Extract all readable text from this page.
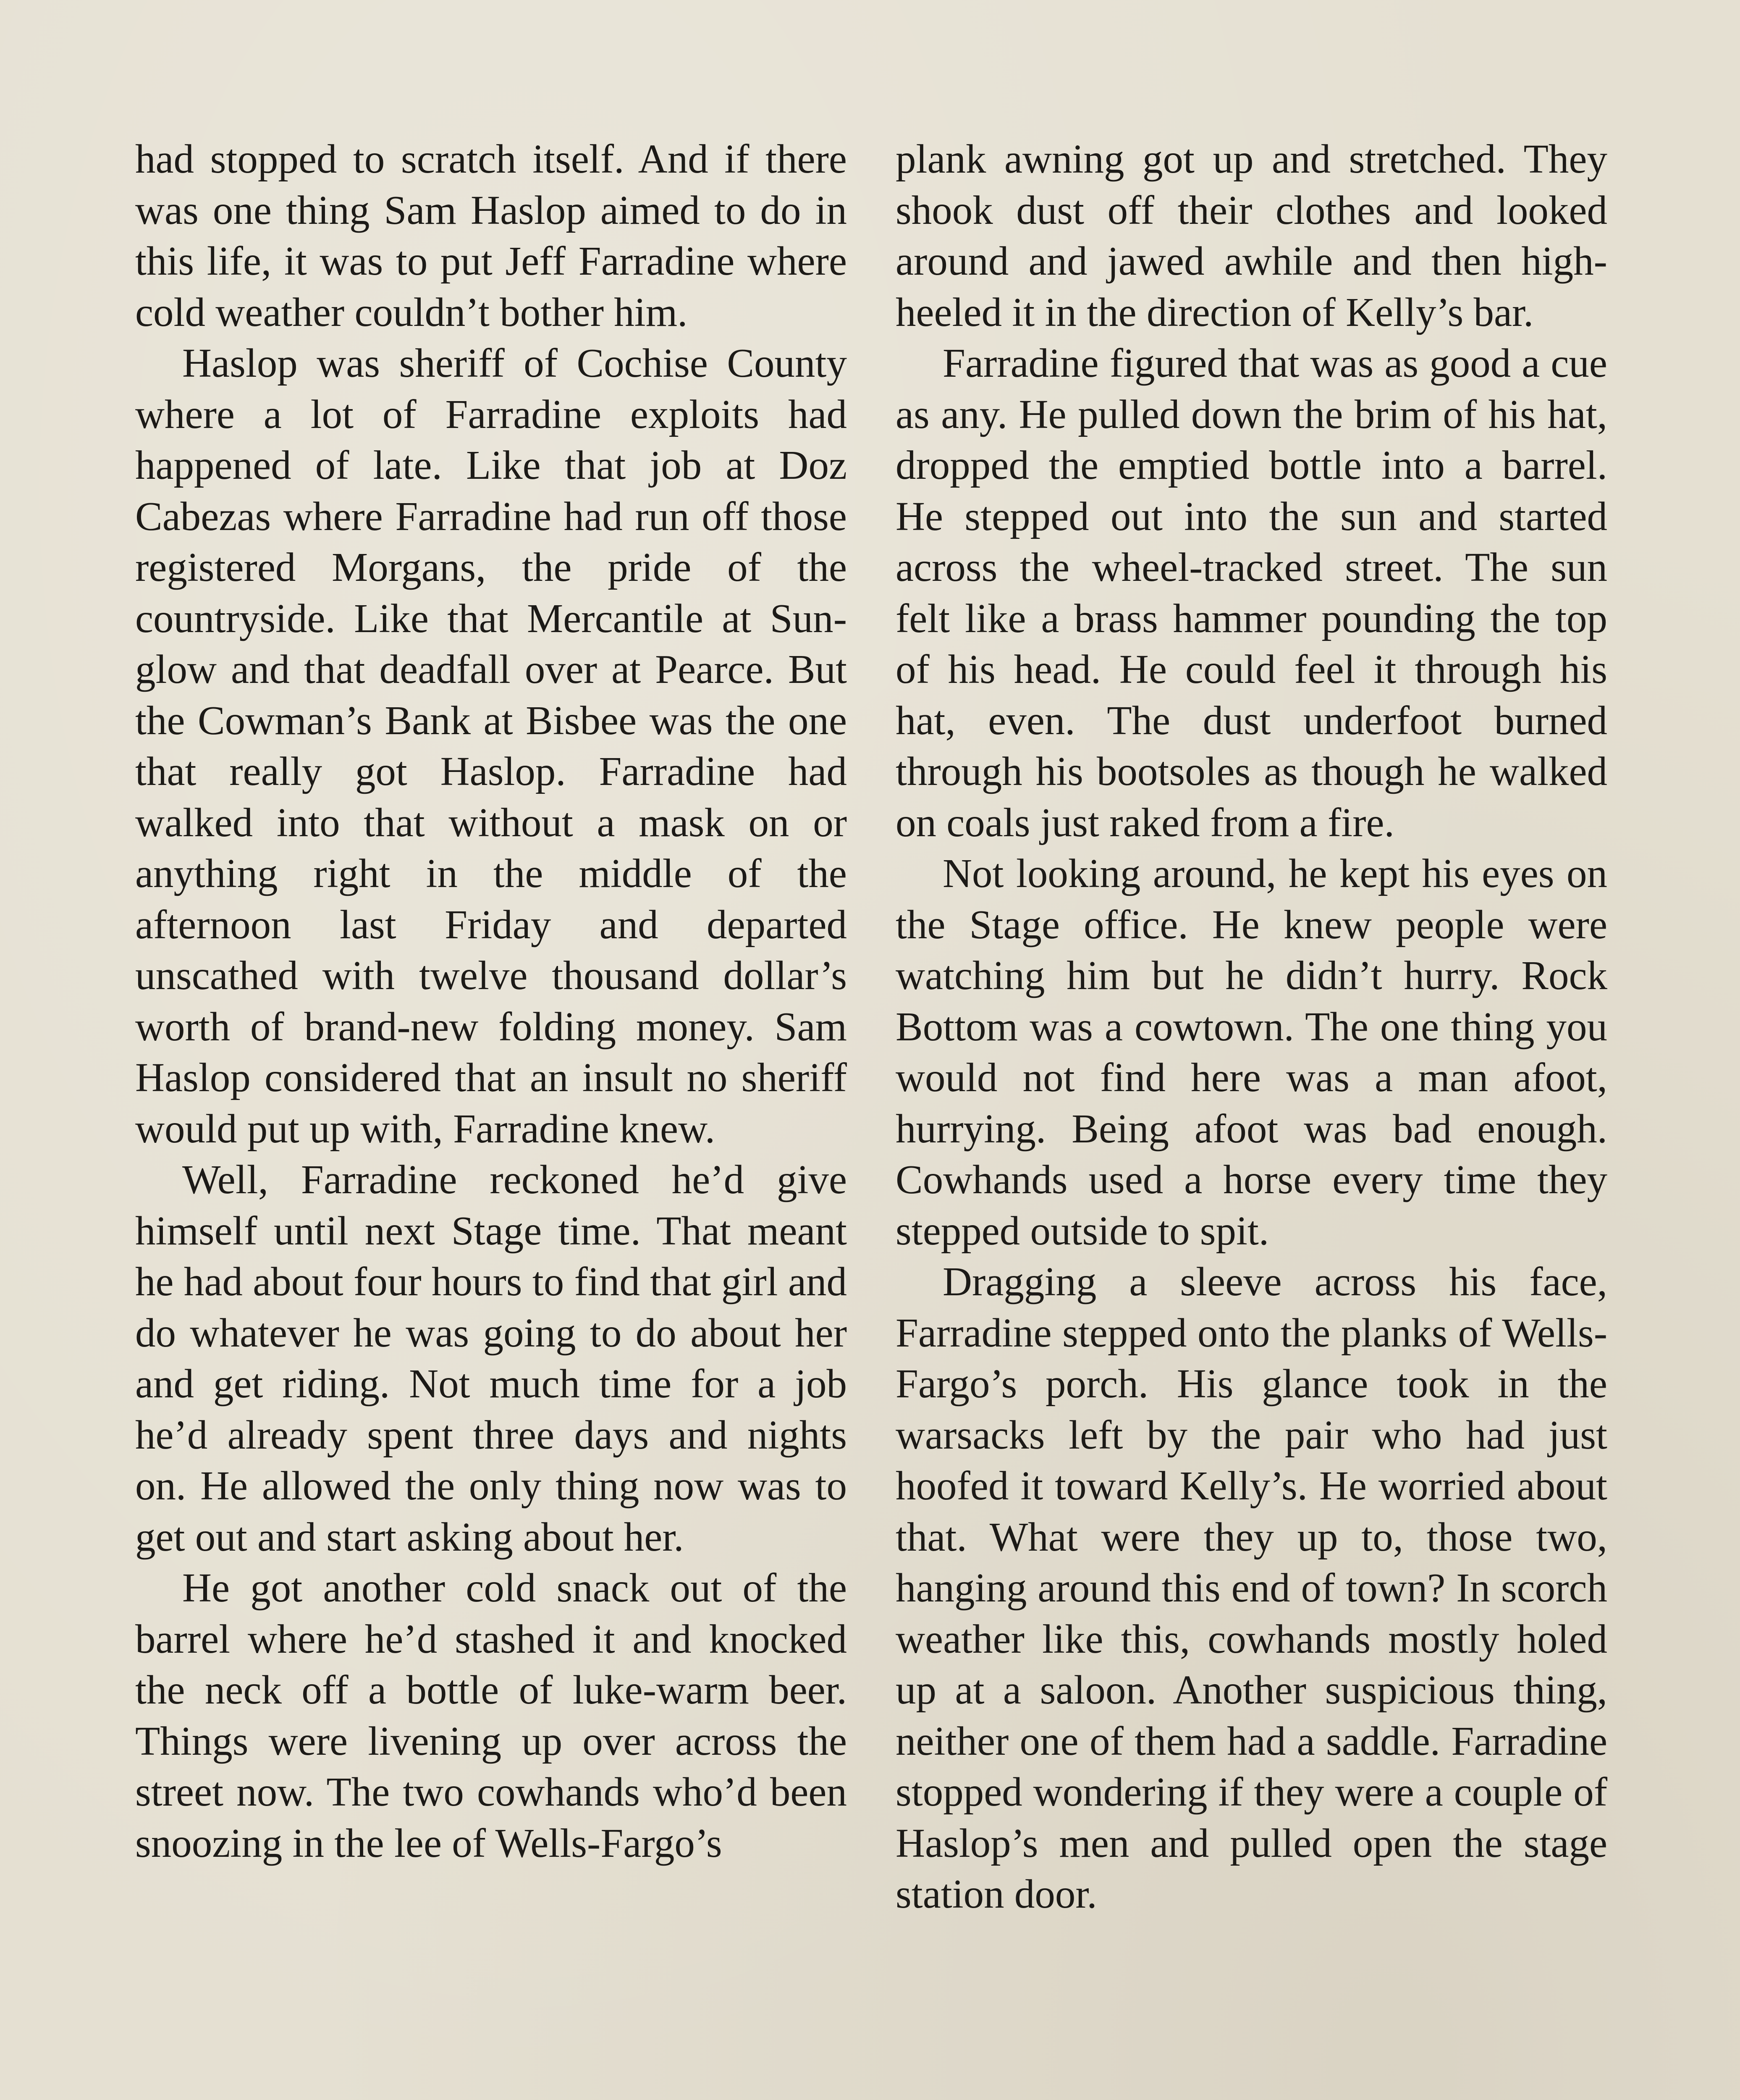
had stopped to scratch itself. And if there was one thing Sam Haslop aimed to do in this life, it was to put Jeff Farradine where cold weather couldn’t bother him.

Haslop was sheriff of Cochise County where a lot of Farradine exploits had happened of late. Like that job at Doz Cabezas where Farradine had run off those registered Morgans, the pride of the countryside. Like that Mercantile at Sunglow and that deadfall over at Pearce. But the Cowman’s Bank at Bisbee was the one that really got Haslop. Farradine had walked into that without a mask on or anything right in the middle of the afternoon last Friday and departed unscathed with twelve thousand dollar’s worth of brand-new folding money. Sam Haslop considered that an insult no sheriff would put up with, Farradine knew.

Well, Farradine reckoned he’d give himself until next Stage time. That meant he had about four hours to find that girl and do whatever he was going to do about her and get riding. Not much time for a job he’d already spent three days and nights on. He allowed the only thing now was to get out and start asking about her.

He got another cold snack out of the barrel where he’d stashed it and knocked the neck off a bottle of luke-warm beer. Things were livening up over across the street now. The two cowhands who’d been snoozing in the lee of Wells-Fargo’s

plank awning got up and stretched. They shook dust off their clothes and looked around and jawed awhile and then high-heeled it in the direction of Kelly’s bar.

Farradine figured that was as good a cue as any. He pulled down the brim of his hat, dropped the emptied bottle into a barrel. He stepped out into the sun and started across the wheel-tracked street. The sun felt like a brass hammer pounding the top of his head. He could feel it through his hat, even. The dust underfoot burned through his bootsoles as though he walked on coals just raked from a fire.

Not looking around, he kept his eyes on the Stage office. He knew people were watching him but he didn’t hurry. Rock Bottom was a cowtown. The one thing you would not find here was a man afoot, hurrying. Being afoot was bad enough. Cowhands used a horse every time they stepped outside to spit.

Dragging a sleeve across his face, Farradine stepped onto the planks of Wells-Fargo’s porch. His glance took in the warsacks left by the pair who had just hoofed it toward Kelly’s. He worried about that. What were they up to, those two, hanging around this end of town? In scorch weather like this, cowhands mostly holed up at a saloon. Another suspicious thing, neither one of them had a saddle. Farradine stopped wondering if they were a couple of Haslop’s men and pulled open the stage station door.
